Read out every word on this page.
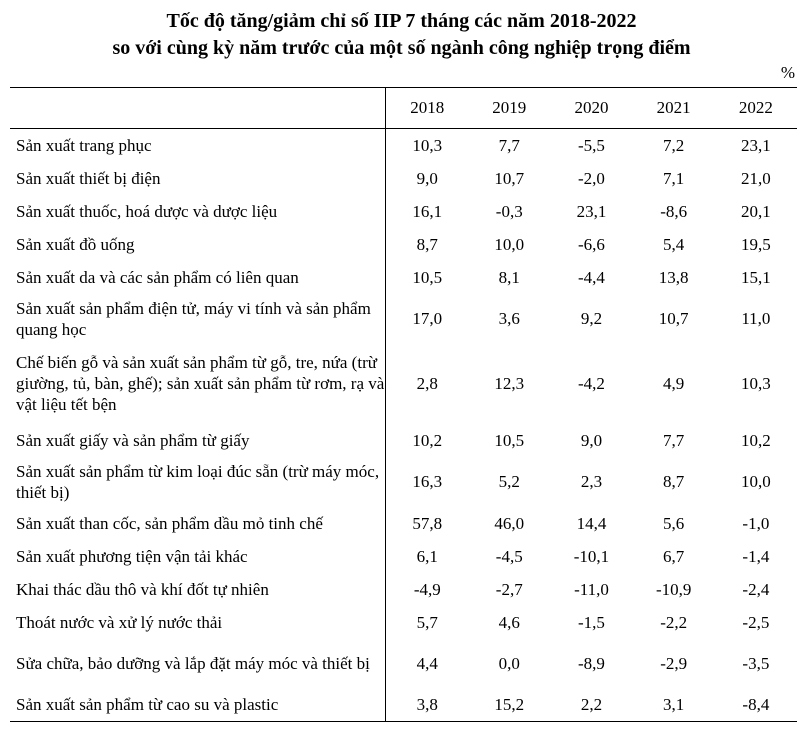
Tốc độ tăng/giảm chỉ số IIP 7 tháng các năm 2018-2022
so với cùng kỳ năm trước của một số ngành công nghiệp trọng điểm
%
	2018	2019	2020	2021	2022
Sản xuất trang phục	10,3	7,7	-5,5	7,2	23,1
Sản xuất thiết bị điện	9,0	10,7	-2,0	7,1	21,0
Sản xuất thuốc, hoá dược và dược liệu	16,1	-0,3	23,1	-8,6	20,1
Sản xuất đồ uống	8,7	10,0	-6,6	5,4	19,5
Sản xuất da và các sản phẩm có liên quan	10,5	8,1	-4,4	13,8	15,1
Sản xuất sản phẩm điện tử, máy vi tính và sản phẩm quang học	17,0	3,6	9,2	10,7	11,0
Chế biến gỗ và sản xuất sản phẩm từ gỗ, tre, nứa (trừ giường, tủ, bàn, ghế); sản xuất sản phẩm từ rơm, rạ và vật liệu tết bện	2,8	12,3	-4,2	4,9	10,3
Sản xuất giấy và sản phẩm từ giấy	10,2	10,5	9,0	7,7	10,2
Sản xuất sản phẩm từ kim loại đúc sẵn (trừ máy móc, thiết bị)	16,3	5,2	2,3	8,7	10,0
Sản xuất than cốc, sản phẩm dầu mỏ tinh chế	57,8	46,0	14,4	5,6	-1,0
Sản xuất phương tiện vận tải khác	6,1	-4,5	-10,1	6,7	-1,4
Khai thác dầu thô và khí đốt tự nhiên	-4,9	-2,7	-11,0	-10,9	-2,4
Thoát nước và xử lý nước thải	5,7	4,6	-1,5	-2,2	-2,5
Sửa chữa, bảo dưỡng và lắp đặt máy móc và thiết bị	4,4	0,0	-8,9	-2,9	-3,5
Sản xuất sản phẩm từ cao su và plastic	3,8	15,2	2,2	3,1	-8,4
